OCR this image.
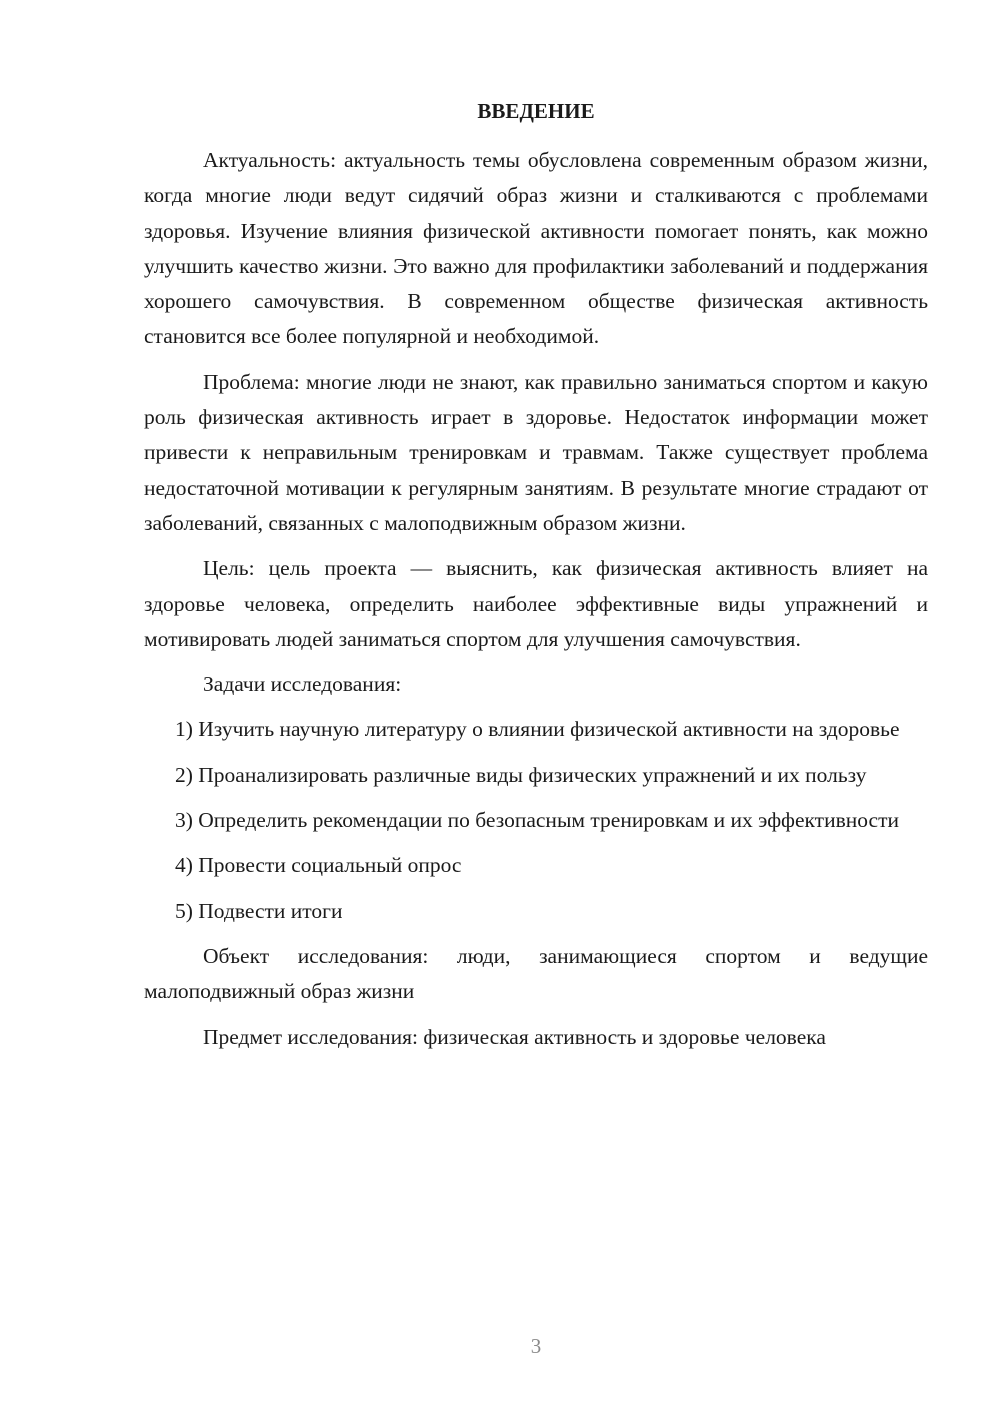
ВВЕДЕНИЕ

Актуальность: актуальность темы обусловлена современным образом жизни, когда многие люди ведут сидячий образ жизни и сталкиваются с проблемами здоровья. Изучение влияния физической активности помогает понять, как можно улучшить качество жизни. Это важно для профилактики заболеваний и поддержания хорошего самочувствия. В современном обществе физическая активность становится все более популярной и необходимой.

Проблема: многие люди не знают, как правильно заниматься спортом и какую роль физическая активность играет в здоровье. Недостаток информации может привести к неправильным тренировкам и травмам. Также существует проблема недостаточной мотивации к регулярным занятиям. В результате многие страдают от заболеваний, связанных с малоподвижным образом жизни.

Цель: цель проекта — выяснить, как физическая активность влияет на здоровье человека, определить наиболее эффективные виды упражнений и мотивировать людей заниматься спортом для улучшения самочувствия.

Задачи исследования:

1) Изучить научную литературу о влиянии физической активности на здоровье

2) Проанализировать различные виды физических упражнений и их пользу

3) Определить рекомендации по безопасным тренировкам и их эффективности

4) Провести социальный опрос

5) Подвести итоги

Объект исследования: люди, занимающиеся спортом и ведущие малоподвижный образ жизни

Предмет исследования: физическая активность и здоровье человека

3
